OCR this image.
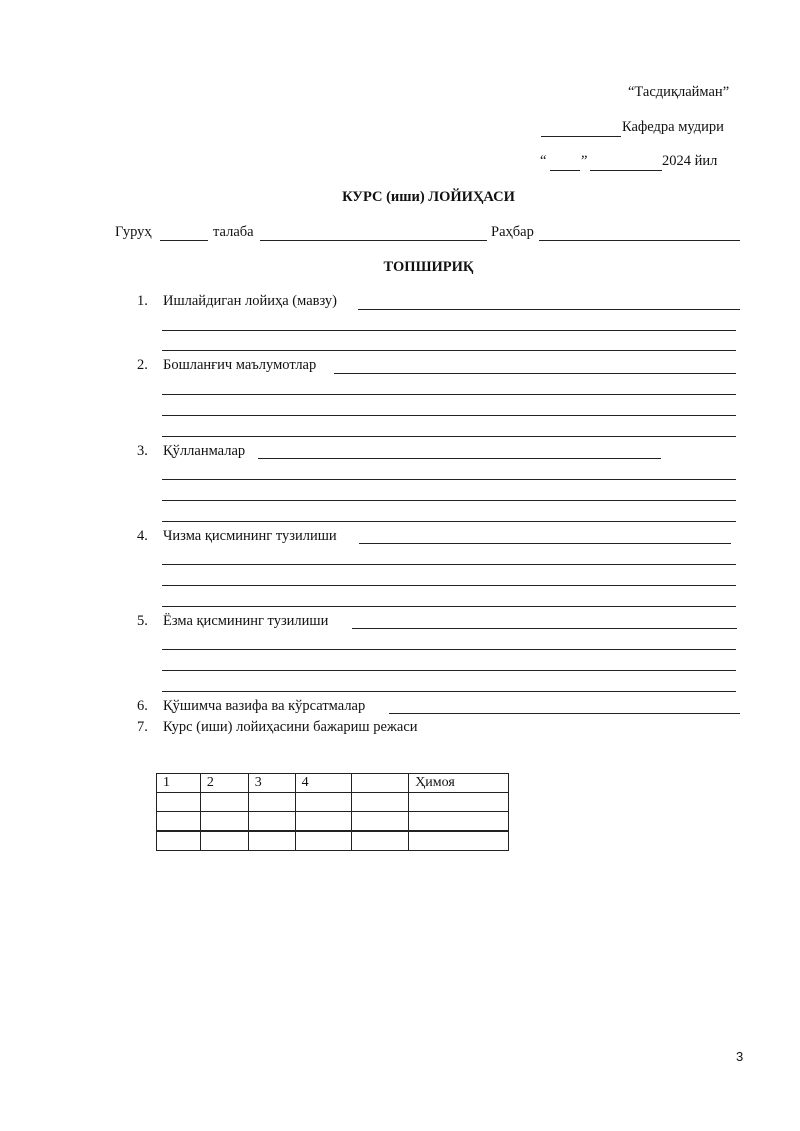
“Тасдиқлайман”
Кафедра мудири
“ ”	2024 йил
КУРС (иши) ЛОЙИҲАСИ
Гуруҳ	талаба	Раҳбар
ТОПШИРИҚ
1. Ишлайдиган лойиҳа (мавзу)
2. Бошланғич маълумотлар
3. Қўлланмалар
4. Чизма қисмининг тузилиши
5. Ёзма қисмининг тузилиши
6. Қўшимча вазифа ва кўрсатмалар
7. Курс (иши) лойиҳасини бажариш режаси
1	2	3	4		Ҳимоя

3
